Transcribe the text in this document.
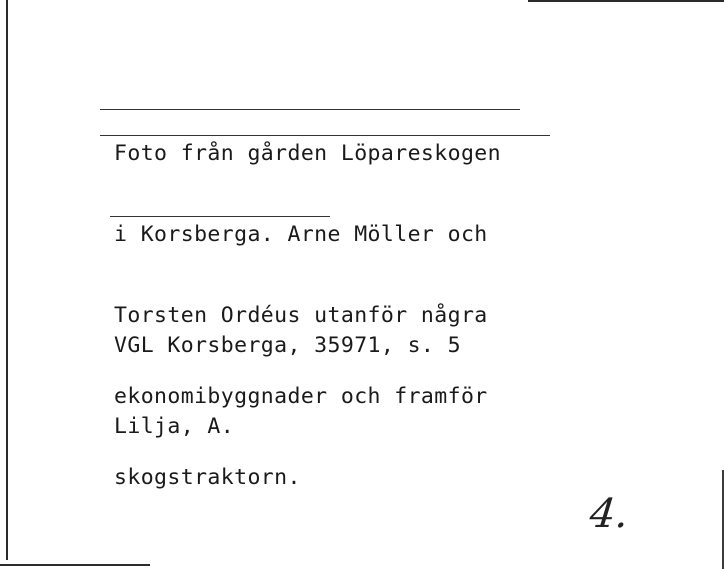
Foto från gården Löpareskogen

i Korsberga. Arne Möller och

Torsten Ordéus utanför några

ekonomibyggnader och framför

skogstraktorn.

VGL Korsberga, 35971, s. 5

Lilja, A.

4.
